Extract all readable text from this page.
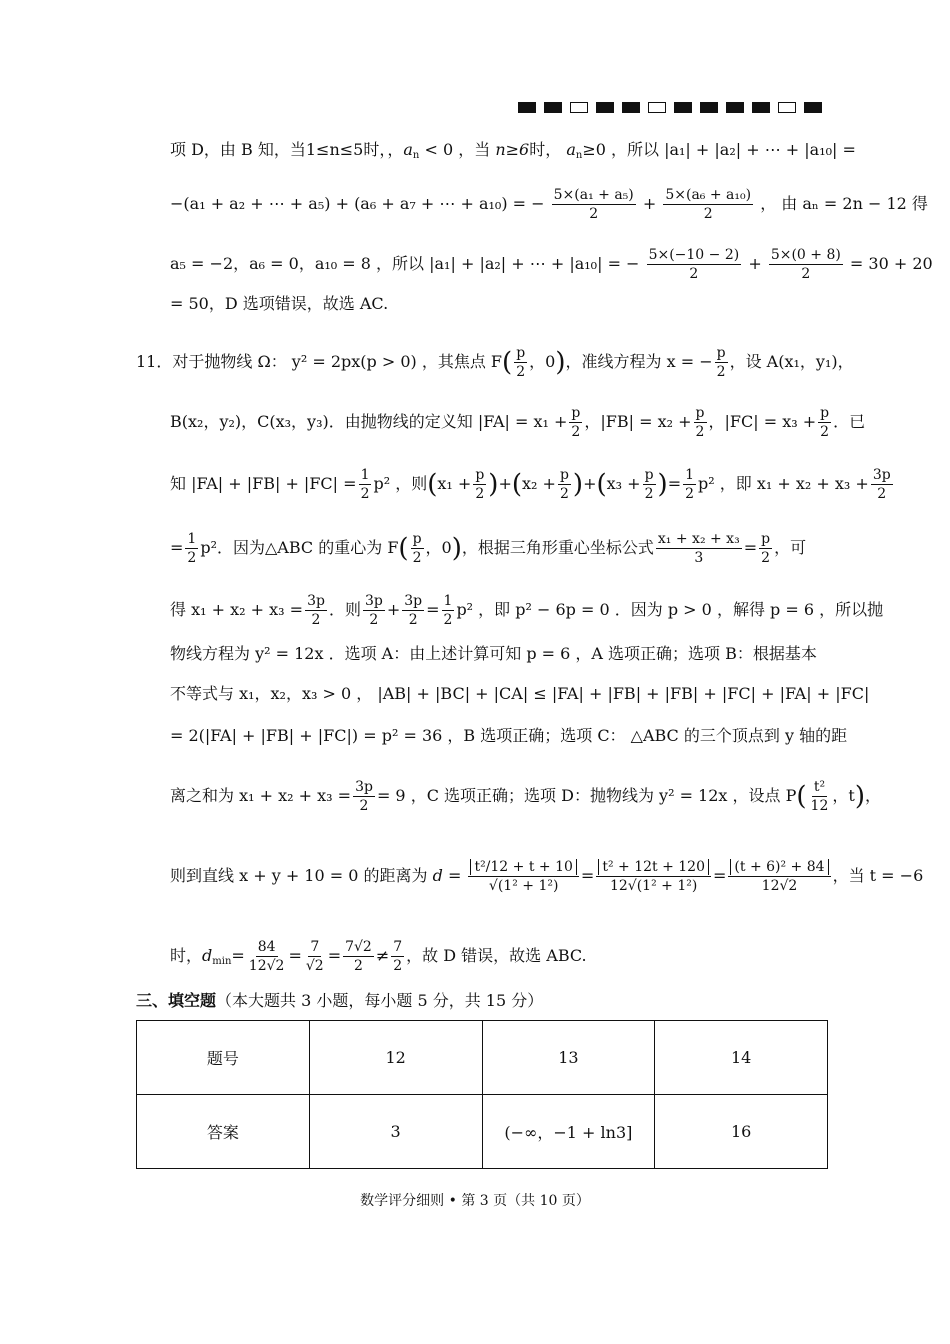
项 D，由 B 知，当1≤n≤5时，，$a_n < 0$ ，当 n≥6时， $a_n\ge 0$ ，所以 |a₁| + |a₂| + ⋯ + |a₁₀| =
−(a₁ + a₂ + ⋯ + a₅) + (a₆ + a₇ + ⋯ + a₁₀) = − $\frac{\text{5×(a₁ + a₅)}}{2} + \frac{\text{5×(a₆ + a₁₀)}}{2}$ ， 由 aₙ = 2n − 12 得
a₅ = −2，a₆ = 0，a₁₀ = 8 ，所以 |a₁| + |a₂| + ⋯ + |a₁₀| = − $\frac{5\times(-10 - 2)}{2} + \frac{5\times(0 + 8)}{2} = 30 + 20$
= 50，D 选项错误，故选 AC.
11．对于抛物线 Ω： y² = 2px(p > 0) ，其焦点 $F( \frac{p}{2}$ ，0)，准线方程为 x = − $\frac{p}{2}$ ，设 A(x₁，y₁)，
B(x₂，y₂)，C(x₃，y₃)．由抛物线的定义知 $|FA| = x_1 + \frac{p}{2}$ ，$|FB| = x_2 + \frac{p}{2}$ ，$|FC| = x_3 + \frac{p}{2}$ ．已
知 $|FA| + |FB| + |FC| = \frac{1}{2} p^2$ ，则$(x_1 + \frac{p}{2} )+(x_2 + \frac{p}{2} )+(x_3 + \frac{p}{2}$ )= $\frac{1}{2} p^2$ ，即 $x_1 + x_2 + x_3 + \frac{3p}{2}$
= $\frac{1}{2} p^2$．因为△ABC 的重心为 $F( \frac{p}{2}$ ，0)，根据三角形重心坐标公式 $\frac{\text{x₁ + x₂ + x₃}}{3} = \frac{p}{2}$ ，可
得 $x_1 + x_2 + x_3 = \frac{3p}{2}$ ．则 $\frac{3p}{2} + \frac{3p}{2} = \frac{1}{2} p^2$ ，即 p² − 6p = 0 ．因为 p > 0 ，解得 p = 6 ，所以抛
物线方程为 y² = 12x ．选项 A：由上述计算可知 p = 6 ，A 选项正确；选项 B：根据基本
不等式与 x₁，x₂，x₃ > 0 ， |AB| + |BC| + |CA| ≤ |FA| + |FB| + |FB| + |FC| + |FA| + |FC|
= 2(|FA| + |FB| + |FC|) = p² = 36 ，B 选项正确；选项 C： △ABC 的三个顶点到 y 轴的距
离之和为 $x_1 + x_2 + x_3 = \frac{3p}{2} = 9$ ，C 选项正确；选项 D：抛物线为 y² = 12x ，设点 $P( \frac{\text{t²}}{12}$ ，t)，
则到直线 x + y + 10 = 0 的距离为 $d = \frac{\text{t²/12 + t + 10}}{\text{√(1² + 1²)}} = \frac{\text{t² + 12t + 120}}{\text{12√(1² + 1²)}} = \frac{\text{(t + 6)² + 84}}{12√2}$ ，当 t = −6
时，$d_{min}= \frac{84}{12√2} = \frac{7}{√2} = \frac{7√2}{2} \ne \frac{7}{2}$ ，故 D 错误，故选 ABC.
三、填空题（本大题共 3 小题，每小题 5 分，共 15 分）
题号	12	13	14
答案	3	(−∞，−1 + ln3]	16
数学评分细则 • 第 3 页（共 10 页）
